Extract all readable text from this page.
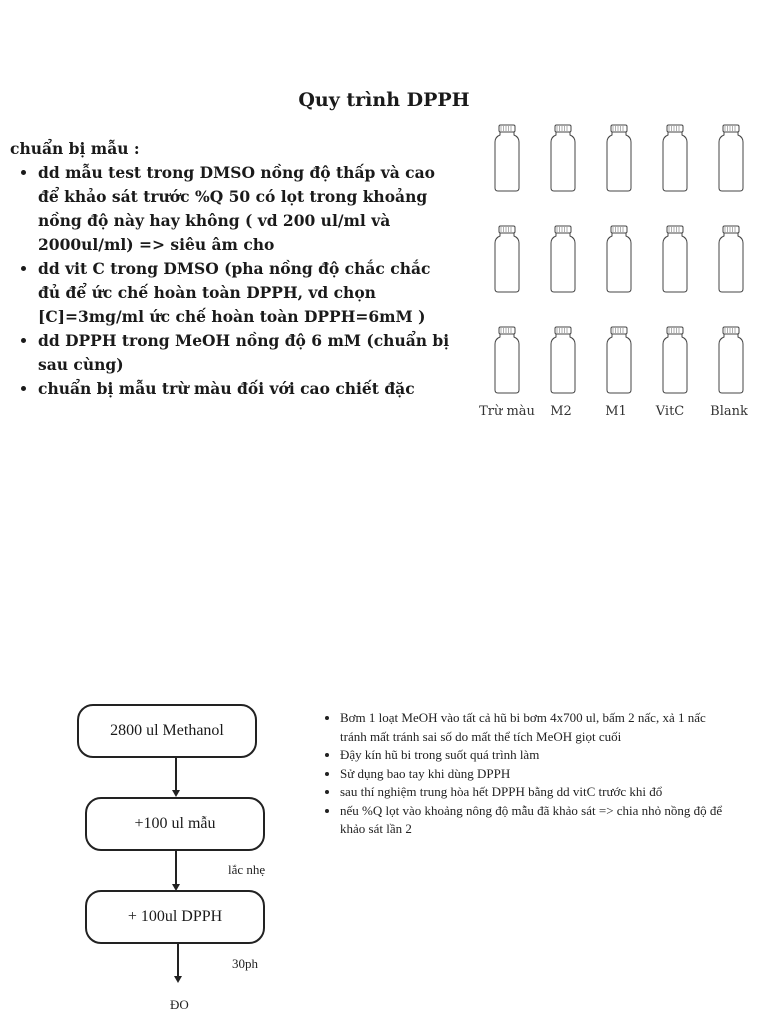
Quy trình DPPH

chuẩn bị mẫu :

• dd mẫu test trong DMSO nồng độ thấp và cao để khảo sát trước %Q 50 có lọt trong khoảng nồng độ này hay không ( vd 200 ul/ml và 2000ul/ml) => siêu âm cho
• dd vit C trong DMSO (pha nồng độ chắc chắc đủ để ức chế hoàn toàn DPPH, vd chọn [C]=3mg/ml ức chế hoàn toàn DPPH=6mM )
• dd DPPH trong MeOH nồng độ 6 mM (chuẩn bị sau cùng)
• chuẩn bị mẫu trừ màu đối với cao chiết đặc
Trừ màu	M2	M1	VitC	Blank
2800 ul Methanol
+100 ul mẫu
lắc nhẹ
+ 100ul DPPH
30ph
ĐO
• Bơm 1 loạt MeOH vào tất cả hũ bi bơm 4x700 ul, bấm 2 nấc, xả 1 nấc tránh mất tránh sai số do mất thể tích MeOH giọt cuối
• Đậy kín hũ bi trong suốt quá trình làm
• Sử dụng bao tay khi dùng DPPH
• sau thí nghiệm trung hòa hết DPPH bằng dd vitC trước khi đổ
• nếu %Q lọt vào khoảng nông độ mẫu đã khảo sát => chia nhỏ nồng độ để khảo sát lần 2
